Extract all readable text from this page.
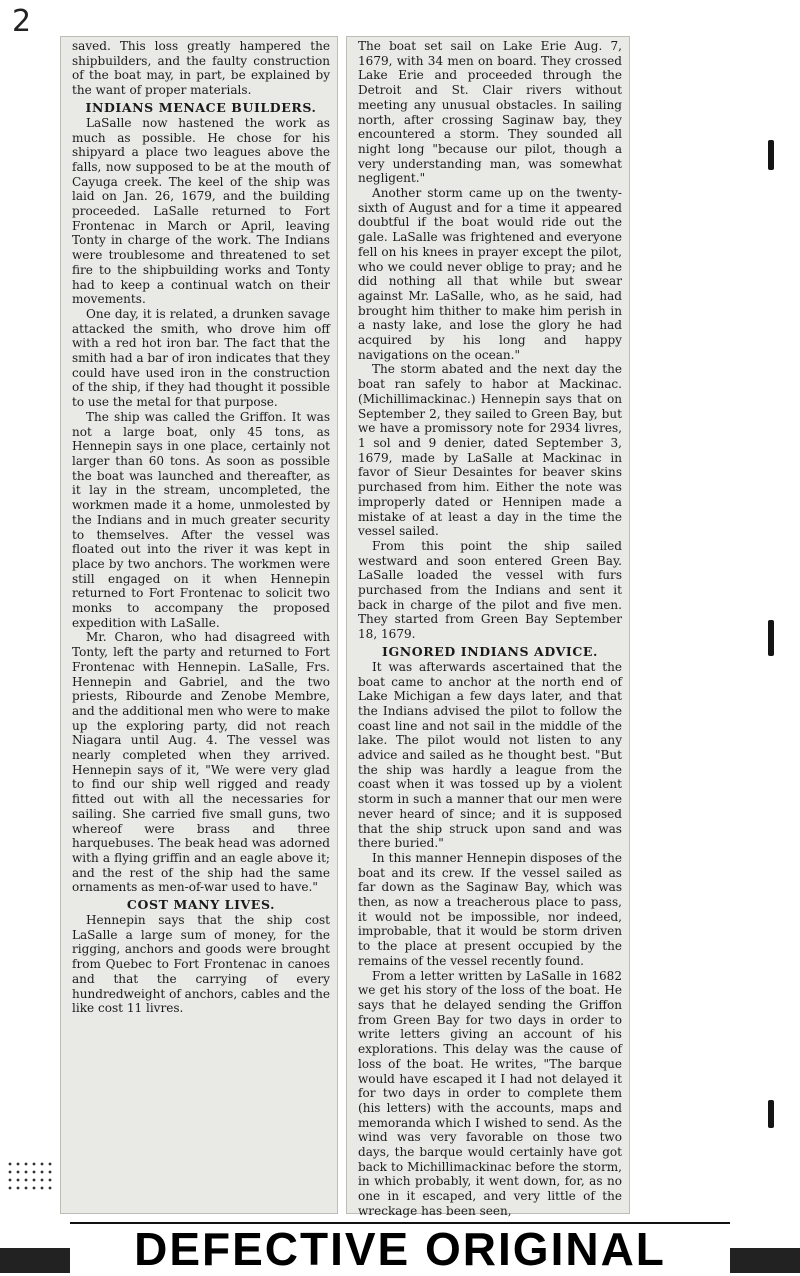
2

saved. This loss greatly hampered the shipbuilders, and the faulty construction of the boat may, in part, be explained by the want of proper materials.

INDIANS MENACE BUILDERS.

LaSalle now hastened the work as much as possible. He chose for his shipyard a place two leagues above the falls, now supposed to be at the mouth of Cayuga creek. The keel of the ship was laid on Jan. 26, 1679, and the building proceeded. LaSalle returned to Fort Frontenac in March or April, leaving Tonty in charge of the work. The Indians were troublesome and threatened to set fire to the shipbuilding works and Tonty had to keep a continual watch on their movements.

One day, it is related, a drunken savage attacked the smith, who drove him off with a red hot iron bar. The fact that the smith had a bar of iron indicates that they could have used iron in the construction of the ship, if they had thought it possible to use the metal for that purpose.

The ship was called the Griffon. It was not a large boat, only 45 tons, as Hennepin says in one place, certainly not larger than 60 tons. As soon as possible the boat was launched and thereafter, as it lay in the stream, uncompleted, the workmen made it a home, unmolested by the Indians and in much greater security to themselves. After the vessel was floated out into the river it was kept in place by two anchors. The workmen were still engaged on it when Hennepin returned to Fort Frontenac to solicit two monks to accompany the proposed expedition with LaSalle.

Mr. Charon, who had disagreed with Tonty, left the party and returned to Fort Frontenac with Hennepin. LaSalle, Frs. Hennepin and Gabriel, and the two priests, Ribourde and Zenobe Membre, and the additional men who were to make up the exploring party, did not reach Niagara until Aug. 4. The vessel was nearly completed when they arrived. Hennepin says of it, "We were very glad to find our ship well rigged and ready fitted out with all the necessaries for sailing. She carried five small guns, two whereof were brass and three harquebuses. The beak head was adorned with a flying griffin and an eagle above it; and the rest of the ship had the same ornaments as men-of-war used to have."

COST MANY LIVES.

Hennepin says that the ship cost LaSalle a large sum of money, for the rigging, anchors and goods were brought from Quebec to Fort Frontenac in canoes and that the carrying of every hundredweight of anchors, cables and the like cost 11 livres.

The boat set sail on Lake Erie Aug. 7, 1679, with 34 men on board. They crossed Lake Erie and proceeded through the Detroit and St. Clair rivers without meeting any unusual obstacles. In sailing north, after crossing Saginaw bay, they encountered a storm. They sounded all night long "because our pilot, though a very understanding man, was somewhat negligent."

Another storm came up on the twenty-sixth of August and for a time it appeared doubtful if the boat would ride out the gale. LaSalle was frightened and everyone fell on his knees in prayer except the pilot, who we could never oblige to pray; and he did nothing all that while but swear against Mr. LaSalle, who, as he said, had brought him thither to make him perish in a nasty lake, and lose the glory he had acquired by his long and happy navigations on the ocean."

The storm abated and the next day the boat ran safely to habor at Mackinac. (Michillimackinac.) Hennepin says that on September 2, they sailed to Green Bay, but we have a promissory note for 2934 livres, 1 sol and 9 denier, dated September 3, 1679, made by LaSalle at Mackinac in favor of Sieur Desaintes for beaver skins purchased from him. Either the note was improperly dated or Hennipen made a mistake of at least a day in the time the vessel sailed.

From this point the ship sailed westward and soon entered Green Bay. LaSalle loaded the vessel with furs purchased from the Indians and sent it back in charge of the pilot and five men. They started from Green Bay September 18, 1679.

IGNORED INDIANS ADVICE.

It was afterwards ascertained that the boat came to anchor at the north end of Lake Michigan a few days later, and that the Indians advised the pilot to follow the coast line and not sail in the middle of the lake. The pilot would not listen to any advice and sailed as he thought best. "But the ship was hardly a league from the coast when it was tossed up by a violent storm in such a manner that our men were never heard of since; and it is supposed that the ship struck upon sand and was there buried."

In this manner Hennepin disposes of the boat and its crew. If the vessel sailed as far down as the Saginaw Bay, which was then, as now a treacherous place to pass, it would not be impossible, nor indeed, improbable, that it would be storm driven to the place at present occupied by the remains of the vessel recently found.

From a letter written by LaSalle in 1682 we get his story of the loss of the boat. He says that he delayed sending the Griffon from Green Bay for two days in order to write letters giving an account of his explorations. This delay was the cause of loss of the boat. He writes, "The barque would have escaped it I had not delayed it for two days in order to complete them (his letters) with the accounts, maps and memoranda which I wished to send. As the wind was very favorable on those two days, the barque would certainly have got back to Michillimackinac before the storm, in which probably, it went down, for, as no one in it escaped, and very little of the wreckage has been seen,

DEFECTIVE ORIGINAL
